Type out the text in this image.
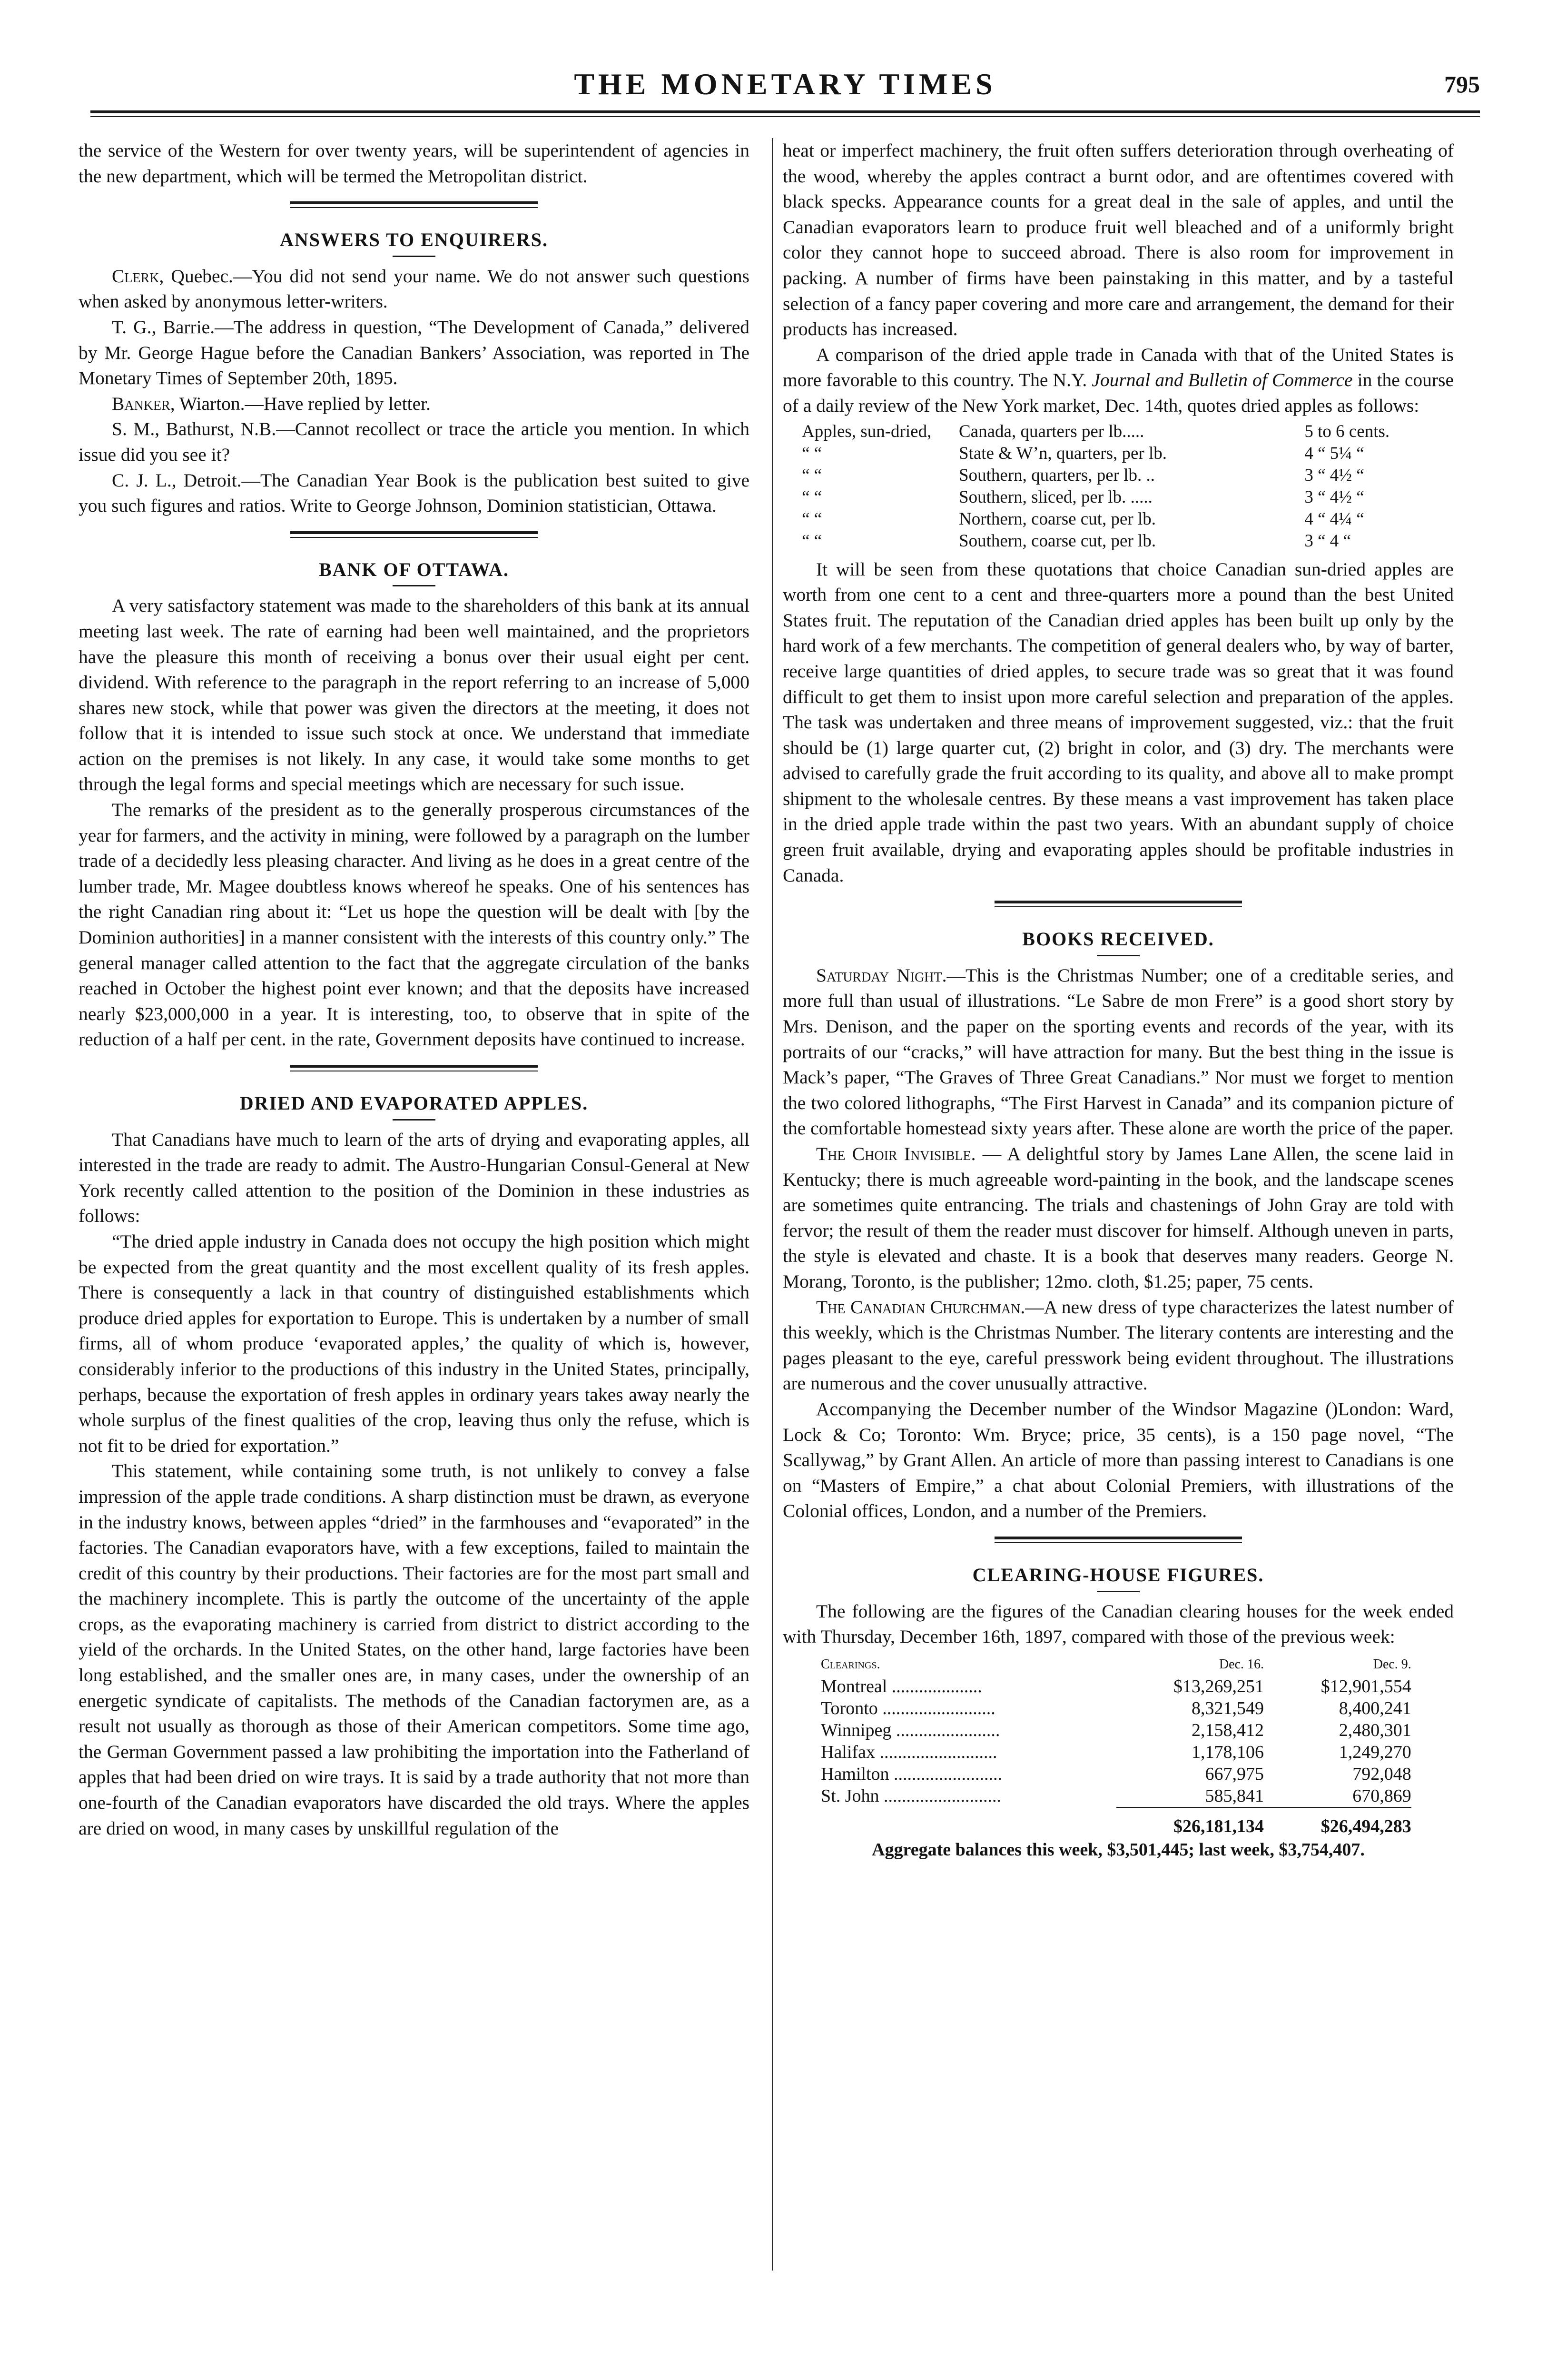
THE MONETARY TIMES	795

the service of the Western for over twenty years, will be superintendent of agencies in the new department, which will be termed the Metropolitan district.

ANSWERS TO ENQUIRERS.

Clerk, Quebec.—You did not send your name. We do not answer such questions when asked by anonymous letter-writers.

T. G., Barrie.—The address in question, “The Development of Canada,” delivered by Mr. George Hague before the Canadian Bankers’ Association, was reported in The Monetary Times of September 20th, 1895.

Banker, Wiarton.—Have replied by letter.

S. M., Bathurst, N.B.—Cannot recollect or trace the article you mention. In which issue did you see it?

C. J. L., Detroit.—The Canadian Year Book is the publication best suited to give you such figures and ratios. Write to George Johnson, Dominion statistician, Ottawa.

BANK OF OTTAWA.

A very satisfactory statement was made to the shareholders of this bank at its annual meeting last week. The rate of earning had been well maintained, and the proprietors have the pleasure this month of receiving a bonus over their usual eight per cent. dividend. With reference to the paragraph in the report referring to an increase of 5,000 shares new stock, while that power was given the directors at the meeting, it does not follow that it is intended to issue such stock at once. We understand that immediate action on the premises is not likely. In any case, it would take some months to get through the legal forms and special meetings which are necessary for such issue.

The remarks of the president as to the generally prosperous circumstances of the year for farmers, and the activity in mining, were followed by a paragraph on the lumber trade of a decidedly less pleasing character. And living as he does in a great centre of the lumber trade, Mr. Magee doubtless knows whereof he speaks. One of his sentences has the right Canadian ring about it: “Let us hope the question will be dealt with [by the Dominion authorities] in a manner consistent with the interests of this country only.” The general manager called attention to the fact that the aggregate circulation of the banks reached in October the highest point ever known; and that the deposits have increased nearly $23,000,000 in a year. It is interesting, too, to observe that in spite of the reduction of a half per cent. in the rate, Government deposits have continued to increase.

DRIED AND EVAPORATED APPLES.

That Canadians have much to learn of the arts of drying and evaporating apples, all interested in the trade are ready to admit. The Austro-Hungarian Consul-General at New York recently called attention to the position of the Dominion in these industries as follows:

“The dried apple industry in Canada does not occupy the high position which might be expected from the great quantity and the most excellent quality of its fresh apples. There is consequently a lack in that country of distinguished establishments which produce dried apples for exportation to Europe. This is undertaken by a number of small firms, all of whom produce ‘evaporated apples,’ the quality of which is, however, considerably inferior to the productions of this industry in the United States, principally, perhaps, because the exportation of fresh apples in ordinary years takes away nearly the whole surplus of the finest qualities of the crop, leaving thus only the refuse, which is not fit to be dried for exportation.”

This statement, while containing some truth, is not unlikely to convey a false impression of the apple trade conditions. A sharp distinction must be drawn, as everyone in the industry knows, between apples “dried” in the farmhouses and “evaporated” in the factories. The Canadian evaporators have, with a few exceptions, failed to maintain the credit of this country by their productions. Their factories are for the most part small and the machinery incomplete. This is partly the outcome of the uncertainty of the apple crops, as the evaporating machinery is carried from district to district according to the yield of the orchards. In the United States, on the other hand, large factories have been long established, and the smaller ones are, in many cases, under the ownership of an energetic syndicate of capitalists. The methods of the Canadian factorymen are, as a result not usually as thorough as those of their American competitors. Some time ago, the German Government passed a law prohibiting the importation into the Fatherland of apples that had been dried on wire trays. It is said by a trade authority that not more than one-fourth of the Canadian evaporators have discarded the old trays. Where the apples are dried on wood, in many cases by unskillful regulation of the

heat or imperfect machinery, the fruit often suffers deterioration through overheating of the wood, whereby the apples contract a burnt odor, and are oftentimes covered with black specks. Appearance counts for a great deal in the sale of apples, and until the Canadian evaporators learn to produce fruit well bleached and of a uniformly bright color they cannot hope to succeed abroad. There is also room for improvement in packing. A number of firms have been painstaking in this matter, and by a tasteful selection of a fancy paper covering and more care and arrangement, the demand for their products has increased.

A comparison of the dried apple trade in Canada with that of the United States is more favorable to this country. The N.Y. Journal and Bulletin of Commerce in the course of a daily review of the New York market, Dec. 14th, quotes dried apples as follows:

Apples, sun-dried,	Canada, quarters per lb.....	5 to 6 cents.
“ “	State & W’n, quarters, per lb.	4 “ 5¼ “
“ “	Southern, quarters, per lb. ..	3 “ 4½ “
“ “	Southern, sliced, per lb. .....	3 “ 4½ “
“ “	Northern, coarse cut, per lb.	4 “ 4¼ “
“ “	Southern, coarse cut, per lb.	3 “ 4 “

It will be seen from these quotations that choice Canadian sun-dried apples are worth from one cent to a cent and three-quarters more a pound than the best United States fruit. The reputation of the Canadian dried apples has been built up only by the hard work of a few merchants. The competition of general dealers who, by way of barter, receive large quantities of dried apples, to secure trade was so great that it was found difficult to get them to insist upon more careful selection and preparation of the apples. The task was undertaken and three means of improvement suggested, viz.: that the fruit should be (1) large quarter cut, (2) bright in color, and (3) dry. The merchants were advised to carefully grade the fruit according to its quality, and above all to make prompt shipment to the wholesale centres. By these means a vast improvement has taken place in the dried apple trade within the past two years. With an abundant supply of choice green fruit available, drying and evaporating apples should be profitable industries in Canada.

BOOKS RECEIVED.

Saturday Night.—This is the Christmas Number; one of a creditable series, and more full than usual of illustrations. “Le Sabre de mon Frere” is a good short story by Mrs. Denison, and the paper on the sporting events and records of the year, with its portraits of our “cracks,” will have attraction for many. But the best thing in the issue is Mack’s paper, “The Graves of Three Great Canadians.” Nor must we forget to mention the two colored lithographs, “The First Harvest in Canada” and its companion picture of the comfortable homestead sixty years after. These alone are worth the price of the paper.

The Choir Invisible. — A delightful story by James Lane Allen, the scene laid in Kentucky; there is much agreeable word-painting in the book, and the landscape scenes are sometimes quite entrancing. The trials and chastenings of John Gray are told with fervor; the result of them the reader must discover for himself. Although uneven in parts, the style is elevated and chaste. It is a book that deserves many readers. George N. Morang, Toronto, is the publisher; 12mo. cloth, $1.25; paper, 75 cents.

The Canadian Churchman.—A new dress of type characterizes the latest number of this weekly, which is the Christmas Number. The literary contents are interesting and the pages pleasant to the eye, careful presswork being evident throughout. The illustrations are numerous and the cover unusually attractive.

Accompanying the December number of the Windsor Magazine ()London: Ward, Lock & Co; Toronto: Wm. Bryce; price, 35 cents), is a 150 page novel, “The Scallywag,” by Grant Allen. An article of more than passing interest to Canadians is one on “Masters of Empire,” a chat about Colonial Premiers, with illustrations of the Colonial offices, London, and a number of the Premiers.

CLEARING-HOUSE FIGURES.

The following are the figures of the Canadian clearing houses for the week ended with Thursday, December 16th, 1897, compared with those of the previous week:

Clearings.	Dec. 16.	Dec. 9.
Montreal ....................	$13,269,251	$12,901,554
Toronto .........................	8,321,549	8,400,241
Winnipeg .......................	2,158,412	2,480,301
Halifax ..........................	1,178,106	1,249,270
Hamilton ........................	667,975	792,048
St. John ..........................	585,841	670,869
	$26,181,134	$26,494,283

Aggregate balances this week, $3,501,445; last week, $3,754,407.
